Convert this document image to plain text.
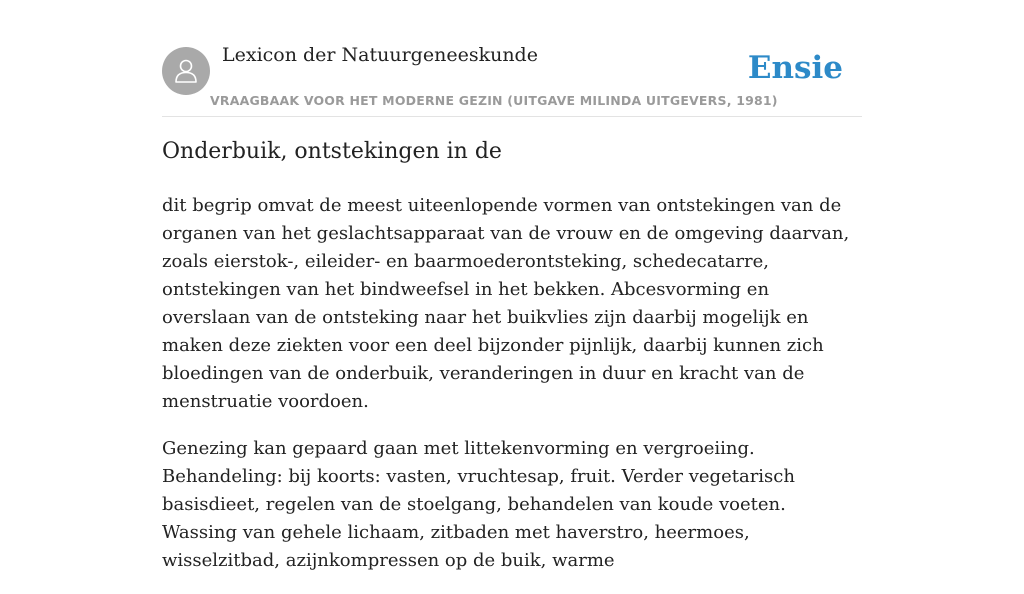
Lexicon der Natuurgeneeskunde
VRAAGBAAK VOOR HET MODERNE GEZIN (UITGAVE MILINDA UITGEVERS, 1981)
Ensie
Onderbuik, ontstekingen in de

dit begrip omvat de meest uiteenlopende vormen van ontstekingen van de organen van het geslachtsapparaat van de vrouw en de omgeving daarvan, zoals eierstok-, eileider- en baarmoederontsteking, schedecatarre, ontstekingen van het bindweefsel in het bekken. Abcesvorming en overslaan van de ontsteking naar het buikvlies zijn daarbij mogelijk en maken deze ziekten voor een deel bijzonder pijnlijk, daarbij kunnen zich bloedingen van de onderbuik, veranderingen in duur en kracht van de menstruatie voordoen.

Genezing kan gepaard gaan met littekenvorming en vergroeiing. Behandeling: bij koorts: vasten, vruchtesap, fruit. Verder vegetarisch basisdieet, regelen van de stoelgang, behandelen van koude voeten. Wassing van gehele lichaam, zitbaden met haverstro, heermoes, wisselzitbad, azijnkompressen op de buik, warme
